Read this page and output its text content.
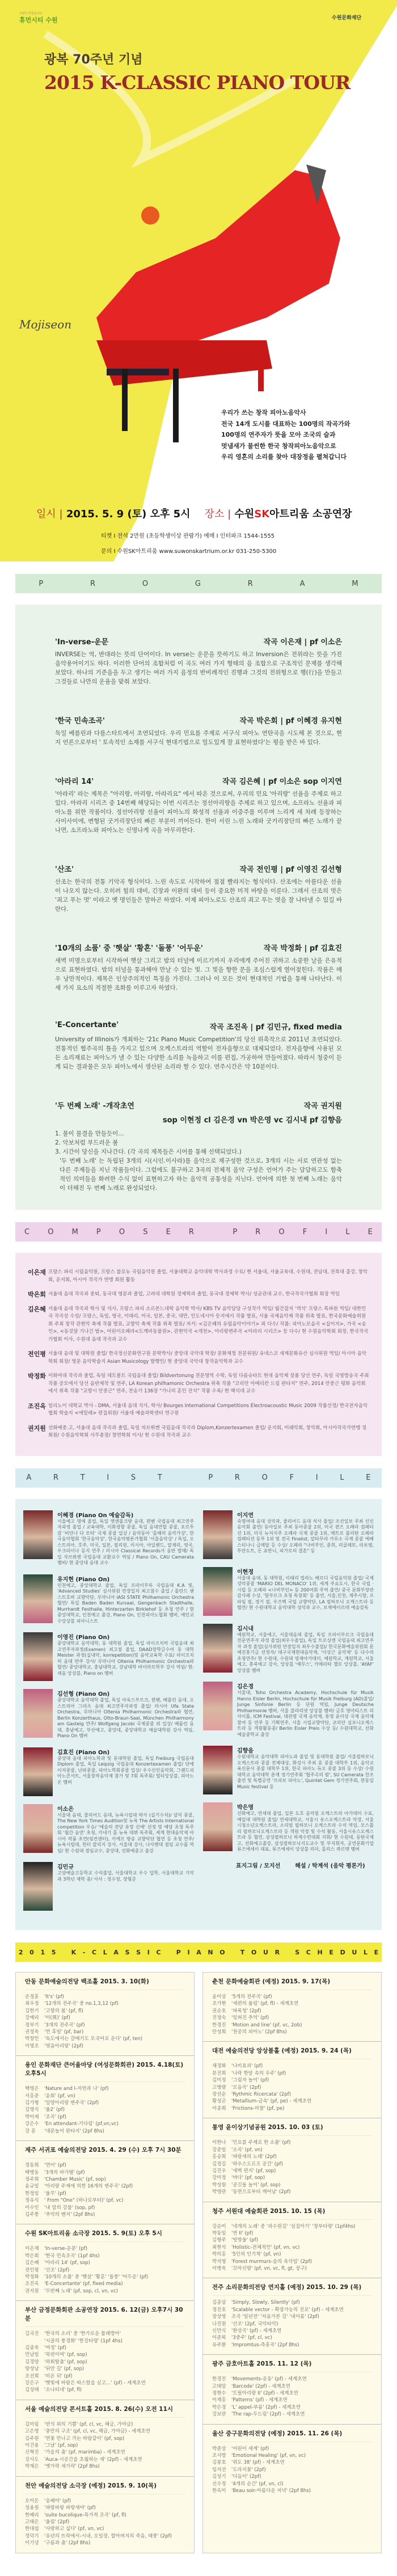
사람이 반갑습니다
휴먼시티 수원	수원문화재단
광복 70주년 기념
2015 K-CLASSIC PIANO TOUR
Mojiseon
우리가 쓰는 창작 피아노음악사
전국 14개 도시를 대표하는 100명의 작곡가와
100명의 연주자가 뜻을 모아 조국의 슬과
멋냄새가 물씬한 한국 창작피아노음악으로
우리 영혼의 소리를 찾아 대장정을 펼쳐갑니다
일시 | 2015. 5. 9 (토) 오후 5시 장소 | 수원SK아트리움 소공연장
티켓 I 전석 2만원 (초등학생이상 관람가) 예매 I 인터파크 1544-1555
문의 I 수원SK아트리움 www.suwonskartrium.or.kr 031-250-5300
P	R	O	G	R	A	M
'In-verse-운문	작곡 이은재 | pf 이소은
INVERSE는 역, 반대라는 뜻의 단어이다. In verse는 운문을 뜻하기도 하고 Inversion은 전위라는 뜻을 가진 음악용어이기도 하다. 이러한 단어의 조합처럼 이 곡도 여러 가지 형태의 음 조합으로 구조적인 문제를 생각해보았다. 하나의 기준음을 두고 생기는 여러 가지 음정의 반비례적인 진행과 그것의 전위형으로 행(行)을 만들고 그것들로 나만의 운율을 맞춰 보았다.
'한국 민속조곡'	작곡 박은회 | pf 이혜경 유지현
독일 베를린과 다름스타트에서 초연되었다. 우리 민요를 주제로 서구식 피아노 연탄곡을 시도해 본 것으로, 현지 언론으로부터 ' 토속적인 소재를 서구식 현대기법으로 밀도있게 잘 표현하였다'는 평을 받은 바 있다.
'아라리 14'	작곡 김은혜 | pf 이소은 sop 이지연
'아라리' 라는 제목은 "아리랑, 아리랑, 아라리요" 에서 따온 것으로써, 우리의 민요 '아리랑' 선율을 주제로 하고 있다. 아라리 시리즈 중 14번째 해당되는 이번 시리즈는 정선아리랑을 주제로 하고 있으며, 소프라노 선율과 피아노를 위한 작품이다. 정선아리랑 선율이 피아노의 화성적 선율과 이중주를 이루며 느리게 세 차례 등장하는 사이사이에, 변형된 굿거리장단의 빠른 부분이 끼어든다. 한이 서린 느린 노래와 굿거리장단의 빠른 노래가 끝나면, 소프라노와 피아노는 신명나게 곡을 마무리한다.
'산조'	작곡 전인평 | pf 이영진 김선형
산조는 한국의 전통 기악곡 형식이다. 느린 속도로 시작하여 점점 빨라지는 형식이다. 산조에는 아름다운 선율이 나오지 않는다. 오히려 힘의 대비, 긴장과 이완의 대비 등이 중요한 미적 바탕을 이룬다. 그래서 산조의 멋은 '죄고 푸는 멋' 이라고 옛 명인들은 말하곤 하였다. 이제 피아노로도 산조의 죄고 푸는 멋을 잘 나타낼 수 있길 바란다.
'10개의 소품' 중 '햇살' '황혼' '돌풍' '어두운'	작곡 박정화 | pf 김효진
새벽 미명으로부터 시작하여 햇살 그리고 밤의 터널에 이르기까지 우리에게 주어진 귀하고 소중한 날을 은유적으로 표현하였다. 밤의 터널을 통과해야 만날 수 있는 빛. 그 빛을 향한 문을 조심스럽게 열어젖힌다. 작품은 매우 낭만적이다. 제목은 인상주의적인 특징을 가진다. 그러나 이 모든 것이 현대적인 기법을 통해 나타난다. 이 세 가지 요소의 적절한 조화를 이루고자 하였다.
'E-Concertante'	작곡 조진옥 | pf 김민규, fixed media
University of Illinois가 개최하는 '21c Piano Music Competition'의 당선 위촉작으로 2011년 초연되었다. 전통적인 협주곡의 틀을 가지고 있으며 오케스트라의 역할이 전자음향으로 대체되었다. 전자음향에 사용된 모든 소리재료는 피아노가 낼 수 있는 다양한 소리를 녹음하고 이를 편집, 가공하여 만들어졌다. 따라서 청중이 듣게 되는 결과물은 모두 피아노에서 생산된 소리라 할 수 있다. 연주시간은 약 10분이다.
'두 번째 노래' -개작초연	작곡 권지원
sop 이현정 cl 김은경 vn 박은영 vc 김시내 pf 김향음
1. 물이 물결을 만들듯이...
2. 악보처럼 부드러운 봄
3. 시간이 당신을 지나간다. (각 곡의 제목들은 시어를 통해 선택되었다.)
'두 번째 노래' 는 독립된 3개의 시(시인.이사라)를 음악으로 재구성한 것으로, 3개의 시는 서로 연관성 없는 다른 주제들을 지닌 작품들이다. 그럼에도 불구하고 3곡의 전체적 음악 구성은 언어가 주는 담담하고도 함축적인 의미들을 화려한 수식 없이 표현하고자 하는 음악적 공통성을 지닌다. 언어에 의한 첫 번째 노래는 음악이 더해진 두 번째 노래로 완성되었다.
C O M P O S E R
	P R O F I L E
이은재 프랑스 파리 시립음악원, 프랑스 불로뉴 국립음악원 졸업, 서울대학교 음악대학 박사과정 수료/ 현 서울대, 서울교육대, 수원대, 전남대, 전북대 출강, 창악회, 운지회, 아시아 작곡가 연맹 회원 활동
박은회 서울대 음대 작곡과 중퇴, 동국대 영문과 졸업, 고려대 대학원 경제학과 졸업, 동국대 경제학 박사/ 성균관대 교수, 한국작곡가협회 회장 역임
김은혜 서울대 음대 작곡과 학사 및 석사, 프랑스 파리 소르본느대학 음악학 박사/ KBS TV 음악담당 구성작가 역임/ 월간잡지 '객석' 프랑스 특파원 역임/ 대한민국 작곡상 수상/ 프랑스, 독일, 영국, 이태리, 미국, 일본, 중국, 대만, 인도네시아 등지에서 작품 발표, 서울 국제음악제 작품 위촉 발표, 한국문화예술위원회 주최 창작 관현악 축제 작품 발표, 교향악 축제 작품 위촉 발표/ 저서: <김은혜의 유럽음악이야기> 외 다수/ 작품: 피아노모음곡 <십이지>, 가곡 <송인>, <동짓달 기나긴 밤>, 어린이오페라<도깨비동물원>, 관현악곡 <개천>, 아리랑변주곡 <아라리 시리즈> 등 다수/ 현 수원음악학회 회장, 한국작곡가협회 이사, 수원대 음대 작곡과 교수
전인평 서울대 음대 및 대학원 졸업/ 한국정신문화연구원 문학박사/ 중앙대 국악대 학장/ 문화재청 전문위원/ 유네스코 세계문화유산 심사위원 역임/ 아시아 음악학회 회장/ 영문 음악학술지 Asian Musicology 발행인/ 현 중앙대 국악대 창작음악학과 교수
박정화 이화여대 작곡과 졸업, 독일 데트몰트 국립음대 졸업/ Bildvertonung 전문영역 수학, 독일 다름슈타트 현대 음악제 장품 당선 연주, 독일 국영방송국 주최 작품 공모에서 당선 음반제작 및 연주, LA Korean philhamonic Orchestra 위촉 작품 "코리안 아메리칸 드림 판타지" 연주, 2014 안중근 평화 음악회에서 위촉 작품 "교향시 안중근" 연주, 찬송가 136장 "가나의 혼인 잔치" 작품 수록/ 현 백석대 교수
조진옥 일리노이 대학교 박사 - DMA, 서울대 음대 석사, 학사/ Bourges International Competitions Electroacoustic Music 2009 작품선정/ 한국전자음악협회 학술지 <에밀레> 편집위원/ 서울대 예술과학센터 연구원
권지원 선화예중.고, 서울대 음대 작곡과 졸업, 독일 자브뤼켄 국립음대 작곡과 Diplom,Konzertexamen 졸업/ 운지회, 미래악회, 창악회, 아시아작곡가연맹 정회원/ 수원음악학회 사무총장/ 창연학회 이사/ 현 수원대 작곡과 교수
A	R	T	I	S	T
	P	R	O	F	I	L	E
이혜경 (Piano On 예술감독)
서울예고 명예 졸업, 독일 엣센폴크방 음대, 뮌헨 국립음대 최고연주자과정 졸업 / 교육대학, 이화경향 콩쿨, 독일 음대연합 콩쿨, 포르투갈 '비안나 다 모타' 국제 콩쿨 입상 / 음악동아 '올해의 음악가상', 한국음악협회 '한국음악상', 한국음악평론가협회 '서울음악상' / 독일, 오스트리아, 호주, 미국, 일본, 필리핀, 러시아, 아일랜드, 알제리, 영국, 우크라이나 등지 연주 / 러시아 Classical Records사 음반 발매/ 독일 자브뤼켄 국립음대 교환교수 역임 / Piano On, CAU Camerata 멤버/ 현 중앙대 음대 교수
유지현 (Piano On)
인천예고, 중앙대학교 졸업, 독일 프라이부륵 국립음대 K.A 및, 'Advanced Studies' 심사위원 만장일치 최고점수 졸업 / 폴란드 첸스트호바 교향악단, 루마니아 IASI STATE Philhamonic Orchestra 협연/ 독일 Baden Baden Kursaal, Gengenbach Stadthalle, Murrhardt Festhalle, Hinterzarten Birklehof 등 초청 연주 / 현 중앙대학교, 인천예고 출강, Piano On, 인천피아노협회 멤버, 예인교수앙상블 피아니스트
이영진 (Piano On)
중앙대학교 음악대학, 동 대학원 졸업, 독일 라이프치히 국립음대 최고연주자과정(Examen) 최고점 졸업, DAAD장학금수여 동 대학 Meister 과정(실내악, korrepetition)및 음악교육학 수료/ 라이프치히 음대 반주 강사/ 루마니아 Oltenia Philharmonic Orchestra와 협연/ 중앙대학교, 충남대학교, 강남대학 바이마르학부 강사 역임/ 현: 새음 앙상블, Piano on 멤버
김선형 (Piano On)
중앙대학교 음악대학 졸업, 독일 아욱스부르크, 뮌헨, 베를린 음대, 오스트리아 그라츠 음대 최고연주자과정 졸업/ 러시아 Ufa State Orchestra, 루마니아 Oltenia Philharmonic Orchestra와 협연, Berlin Konzerthaus, Otto-Braun-Saal, München Philharmony am Gasteig 연주/ Wolfgang Jacobi 국제콩쿨 위 입상/ 베를린 음대, 충남예고, 부산예고, 중앙대, 중앙대학교 예술대학원 강사 역임, Piano On 멤버
김효진 (Piano On)
중앙대 음대 피아노학과 및 동대학원 졸업, 독일 Freiburg 국립음대 Diplom 졸업, 독일 Leipzig 국립음대 Konzertexamen 졸업/ 단예이저콩쿨, 난파콩쿨, 피아노학회콩쿨 입상/ 우수신인음악회, 그랜드피아노콘서트, 서울창작음악제 참가 및 7회 독주회/ 멀티앙상블, 피아노온 멤버
이소은
서울대 음대, 줄리어드 음대, 뉴욕시립대 박사 (실기수석)/ 삼익 콩쿨, The New York Times Audition및 뉴욕 The Artists International competition 우승/ '예술의 전당 유망 신예' 선정 및 예당 초청 독주회 '월간 음연' 초청, 카네기 홀 뉴욕 데뷔 독주회, 세계 현대음악제 아시아 작품 초연(링컨센터), 키에프 방송 교향악단 협연 등 초청 연주/ 뉴욕시립대, 헌터 칼리지 강사, 서울대 강사, 나사렛대 겸임 교수를 역임/ 현 수원대 겸임교수, 중앙대, 선화예중고 출강
김민규
고양예술고등학교 수석졸업, 서울대학교 우수 입학, 서울대학교 기악과 3학년 재학 중/ 사사 : 정수정, 장형준
이지연
숙명여대 음대 성악과, 줄리어드 음대 석사 졸업/ 조선일보 주최 신인음악회 출연/ 동아일보 주최 동아콩쿨 2위, 미국 퀸즈 오페라 컴페티션 1위, 미국 뉴저지주 오페라 국제 콩쿨 1위, 메트로 폴리탄 오페라 컴페티션 동부 1위 및 전국 Finalist, 알타무라 카루소 국제 콩쿨 에베스티나니 금메달 등 수상/ 오페라 "나비부인, 춘희, 리골레또, 라보엠, 투란도트, 돈 죠반니, 피가로의 결혼" 등
이현정
서울대 음대, 동 대학원, 이태리 밀라노 베르디 국립음악원 졸업/ 국제 성악콩쿨 'MARIO DEL MONACO' 1위, 세계 주요도시, 한국 국립 · 시립 등 오페라 <나비부인> 등 200여회 주역 출연/ 중국 문화부장관감사패 수상, '함부르크 초청 독창회' 등 출연, 서울,인천, 제주시향, 프라임 필, 경기 필, 우즈벡 국립 교향악단, LA 필하모닉 오케스트라 등 협연/ 현 수원대학교 음악대학 성악과 교수, 보체에이르테 예술감독
김시내
예원학교, 서울예고, 서울대음대 졸업, 독일 프라이부르크 국립음대 전문연주자 과정 졸업(최우수졸업), 독일 트로싱엔 국립음대 최고연주자 과정 졸업(심사위원 만장일치 최우수졸업)/ 한국문화예술위원회 문예진흥기금 선정자/ 대구국제현대음악제, '이상근 음악제' 등 다수의 초청연주/ 현 수원대, 수원대 영재아카데미, 예원학교, 계원학교, 서울예고, 충북예고 강사, 앙상블 '예무스', 카메라타 첼로 앙상블, 'AYAF' 앙상블 멤버
김은경
서울대, Toho Orchestra Academy, Hochschule für Musik Hanns Eisler Berlin, Hochschule für Musik Freiburg (AD)졸업/ Junge Sinfonie Berlin 등 단원 역임, Junge Deutsche Philharmonie 멤버, 서울 클라리넷 앙상블 멤버/ 금호 영아티스트 리사이틀, ICM Festival, 대관령 국제 음악제, 통영 윤이상 국제 음악제 참여 등 연주 등 기획연주, 서울 시립교향악단, 코리안 심포니오케스트라 등 객원활동중/ Berlin Eisler Preis 수상 등/ 수원대학교, 선화예술중학교 출강
김향음
수원대학교 음악대학 피아노과 졸업 및 동대학원 졸업/ 서울필하모닉 오케스트라 콩쿨 전체대상, 화성시 주최 효 콩쿨 대학부 1위, 음악교육신문사 콩쿨 대학부 1위, 한국 피아노 듀오 콩쿨 3위 등 수상/ 수원대학교 음악대학 춘계 정기연주회 '협주곡의 밤', SU Camerata 찬조출연 및 특별공연 '브라보 피아노', Quintet Gem 정기연주회, 한동일 Music festival 등
박은영
선화예고, 연세대 졸업, 일본 도호 음악원 오케스트라 아카데미 수료, 예일대 대학원 졸업/ 연세대학교, 서울시 유스오케스트라 악장, 서울시청소년오케스트라, 소리얼 필하모니 오케스트라 수석 역임, 모스틀리 필하모닉오케스트라 등 객원 악장 및 수석 활동, 서울시유스오케스트라 등 협연, 삼성필하모닉 하계수련대회 지휘/ 현 수원대, 동탄국제고, 선화예고출강, 삼성필하모닉지도교수 및 부지휘자, 공연문화기업 뮤즈에세이 대표, 뮤즈에세이 앙상블 리더, 몰리스 콰르텟 멤버
표지그림 / 모지선	해설 / 탁계석 (음악 평론가)
2 0 1 5
K - C L A S S I C
P I A N O
T O U R
S C H E D U L E
안동 문화예술의전당 백조홀 2015. 3. 10(화)
손정훈	'It's' (pf)
최우정	'12개의 전주곡' 중 no.1,3,12 (pf)
김한기	'고향의 봄' (pf, fl)
강예리	'이(異)' (pf)
정부기	'3개의 전주곡' (pf)
권정욱	'먼 후일' (pf, bar)
박창민	'독도에서는 갈매기도 모국어로 운다' (pf, ten)
이영조	'엮음아리랑' (2pf)
용인 문화재단 큰어울마당 (여성문화회관) 2015. 4.18(토) 오후5시
백영은	'Nature and I-자연과 나' (pf)
서홍준	'윤회' (pf, vn)
김가형	'밀양아리랑 변주곡' (2pf)
김영식	'율2' (pf)
박이제	'조곡' (pf)
강은수	'En attendant-기다림' (pf,vn,vc)
강 훈	'대문놀이 판타지' (2pf 8hs)
제주 서귀포 예술의전당 2015. 4. 29 (수) 오후 7시 30분
정동희	'연어' (pf)
백병동	'3개의 바가텔' (pf)
정주희	'Chamber Music' (pf, sop)
윤규일	'아리랑 주제에 의한 16개의 변주곡' (2pf)
한정임	'울무' (pf)
정유식	' From "One" (하나로부터)' (pf, vc)
이수인	'내 맘의 강물' (sop, pf)
김주풍	'추억의 벤치' (2pf 8hs)
수원 SK아트리움 소극장 2015. 5. 9(토) 오후 5시
이은재	'In-verse-운문' (pf)
박은회	'한국 민속조곡' (1pf 4hs)
김은혜	'아라리 14' (pf, sop)
전인평	'산조' (2pf)
박정화	'10개의 소품' 중 '햇살' '황혼' '돌풍' '어두운' (pf)
조진옥	'E-Concertante' (pf, fixed media)
권지원	'두번째 노래' (pf, sop, cl, vn, vc)
부산 금정문화회관 소공연장 2015. 6. 12(금) 오후7시 30분
김국진	'한국의 소리' 중 '한가로운 물레방아'
'시골의 풍경화' '한강타령' (1pf 4hs)
김종욱	'여정' (pf)
민남일	'목련이여' (pf, sop)
김경양	'하회탈춤' (pf, sop)
양성남	'뒤안 길' (pf, sop)
조선희	'비온 뒤' (pf)
강은구	'햇빛에 바람은 따스함을 싣고…' (pf) - 세계초연
김성태	'소나티네' (pf, fl)
서울 예술의전당 콘서트홀 2015. 8. 26(수) 오전 11시
김미림	'반석 위의 기쁨' (pf, cl, vc, 해금, 가야금)
고은영	'충만의 구조' (pf, cl, vc, 해금, 가야금) - 세계초연
김주원	'연꽃 만나고 가는 바람같이' (pf, sop)
이건용	'그날' (pf, sop)
신혁진	'가을의 춤' (pf, marimba) - 세계초연
강사도	'Auca-시공간을 초월하는 새' (2pf) - 세계초연
박재은	'옛가락 새가락' (2pf 8hs)
천안 예술의전당 소극장 (예정) 2015. 9. 10(목)
오이돈	'옹헤야' (pf)
성용원	'파랑파랑 파랑새야' (pf)
한혜리	'suite bucolique-목가적 조곡' (pf, fl)
고태은	'울림' (2pf)
한대섭	'사랑하고 싶다' (pf, vn, vc)
정덕기	'유년의 뜨락에서-시내, 오일장, 할아버지의 죽음, 태풍' (2pf)
이기녕	'구름과 춤' (2pf 8hs)
춘천 문화예술회관 (예정) 2015. 9. 17(목)
윤이상	'5개의 전주곡' (pf)
조가현	'세편의 울림' (pf, fl) - 세계초연
권순호	'파록청' (2pf)
진정숙	'잊혀진 추억' (pf)
한경진	'Motion and line' (pf, vc, 2ob)
안성희	'천공의 피아노' (2pf 8hs)
대전 예술의전당 앙상블홀 (예정) 2015. 9. 24 (목)
채경화	'나비효과' (pf)
문진희	'나락 한알 속의 우주' (pf)
김미정	'그림자 놀이' (pf)
고병량	'모음곡' (2pf)
장선순	'Rythmic Ricercata' (2pf)
황성곤	'Metallium-금속' (pf, pe) - 세계초연
이종희	'Frictions-마찰' (pf, pe)
통영 윤이상기념공원 2015. 10. 03 (토)
이한나	'민요를 주제로 한 소품' (pf)
강준일	'소곡' (pf, vn)
홍승희	'파랑새의 노래' (2pf)
김정길	'하우스도르프 공간' (pf)
김진우	'새벽 편지' (pf, sop)
강미정	'바다' (pf, sop)
박성원	'공깃돌 놀이' (pf, sop)
박영란	'동면으로부터 깨어남' (2pf)
청주 서원대 예술회관 2015. 10. 15 (목)
강순미	'네개의 노래' 중 '과수원길' '섬집아기' '창부타령' (1pf4hs)
박동임	'연 II' (pf)
김형주	'빗방울' (pf)
최현석	'Holistic-전체적인' (pf, vn, vc)
박의홍	'5인의 인기척' (pf, vn)
박지영	'Forest murmurs-숲의 속삭임' (2pf)
이병욱	'꼬마신랑' (pf, vn, vc, fl, gt, 장구)
전주 소리문화의전당 연지홀 (예정) 2015. 10. 29 (목)
김종삼	'Simply, Slowly, Silently' (pf)
정진호	'Scalable vector - 확장가능의 진로' (pf) - 세계초연
장상영	조곡 '일년전' '처음가본 길' '내이름' (2pf)
나진원	'산조' (2pf, 국악타악)
신만식	'환상곡' (pf) - 세계초연
이준복	'3중주' (pf, cl, vc)
유주환	'Impromtus-즉흥곡' (2pf 8hs)
광주 금호아트홀 2015. 11. 12 (목)
한경진	'Movements-운동' (pf) - 세계초연
고태암	'Barcode' (2pf) - 세계초연
정현수	'트릴아리랑 II' (2pf) - 세계초연
이재홍	'Patterns' (pf) - 세계초연
박은경	'L' appel-부름' (2pf) - 세계초연
강보란	'The rap-두드림' (2pf) - 세계초연
울산 중구문화의전당 (예정) 2015. 11. 26 (목)
박준상	'어린이 세계' (pf)
조사방	'Emotional Healing' (pf, vn, vc)
김봉호	'위도 38' (pf) - 세계초연
임지선	'도라지꽃' (2pf)
김성기	'다듬이' (2pf)
신수정	'4개의 순간' (pf, vn, cl)
한옥미	'Beau soir-아름다운 저녁' (2pf 8hs)
